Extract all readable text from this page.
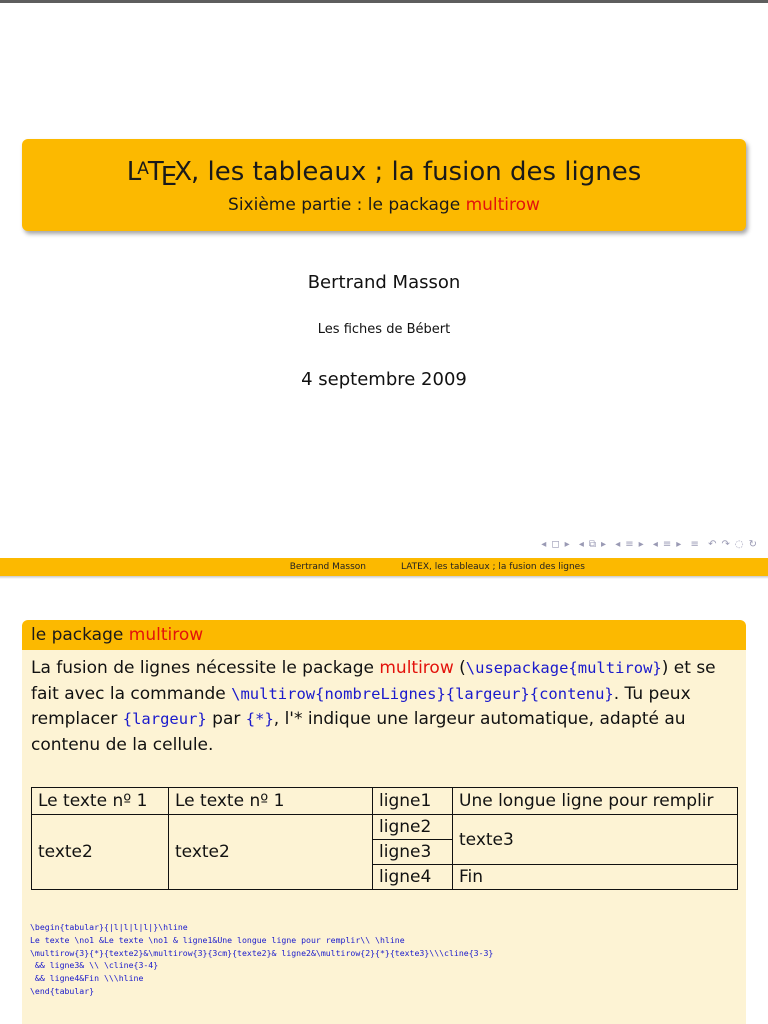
$L^ATEX$, les tableaux ; la fusion des lignes
Sixième partie : le package multirow
Bertrand Masson
Les fiches de Bébert
4 septembre 2009
◂ ◻ ▸ ◂ ⧉ ▸ ◂ ≡ ▸ ◂ ≡ ▸ ≡ ↶ ↷ ◌ ↻
Bertrand Masson	LATEX, les tableaux ; la fusion des lignes
le package multirow
La fusion de lignes nécessite le package multirow (\usepackage{multirow}) et se fait avec la commande \multirow{nombreLignes}{largeur}{contenu}. Tu peux remplacer {largeur} par {*}, l'* indique une largeur automatique, adapté au contenu de la cellule.
Le texte nº 1	Le texte nº 1	ligne1	Une longue ligne pour remplir
texte2	texte2	ligne2	texte3
		ligne3	
		ligne4	Fin
\begin{tabular}{|l|l|l|l|}\hline
Le texte \no1 &Le texte \no1 & ligne1&Une longue ligne pour remplir\\ \hline
\multirow{3}{*}{texte2}&\multirow{3}{3cm}{texte2}& ligne2&\multirow{2}{*}{texte3}\\\cline{3-3}
&& ligne3& \\ \cline{3-4}
&& ligne4&Fin \\\hline
\end{tabular}
